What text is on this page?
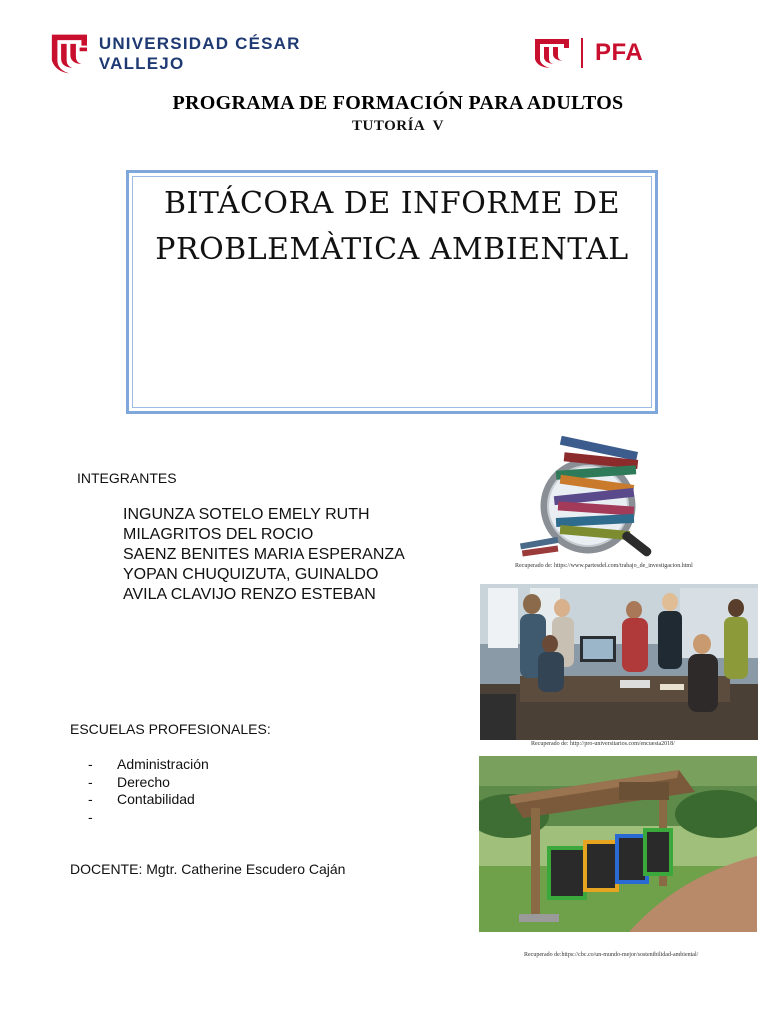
UNIVERSIDAD CÉSAR VALLEJO	PFA
PROGRAMA DE FORMACIÓN PARA ADULTOS
TUTORÍA  V
BITÁCORA DE INFORME DE
PROBLEMÀTICA AMBIENTAL
INTEGRANTES
INGUNZA SOTELO EMELY RUTH
MILAGRITOS DEL ROCIO
SAENZ BENITES MARIA ESPERANZA
YOPAN CHUQUIZUTA, GUINALDO
AVILA CLAVIJO RENZO ESTEBAN
ESCUELAS PROFESIONALES:
-	Administración
-	Derecho
-	Contabilidad
-
DOCENTE: Mgtr. Catherine Escudero Caján
Recuperado de: https://www.partesdel.com/trabajo_de_investigacion.html
Recuperado de: http://pro-universitarios.com/encuesta2018/
Recuperado de:https://cbc.co/un-mundo-mejor/sostenibilidad-ambiental/
